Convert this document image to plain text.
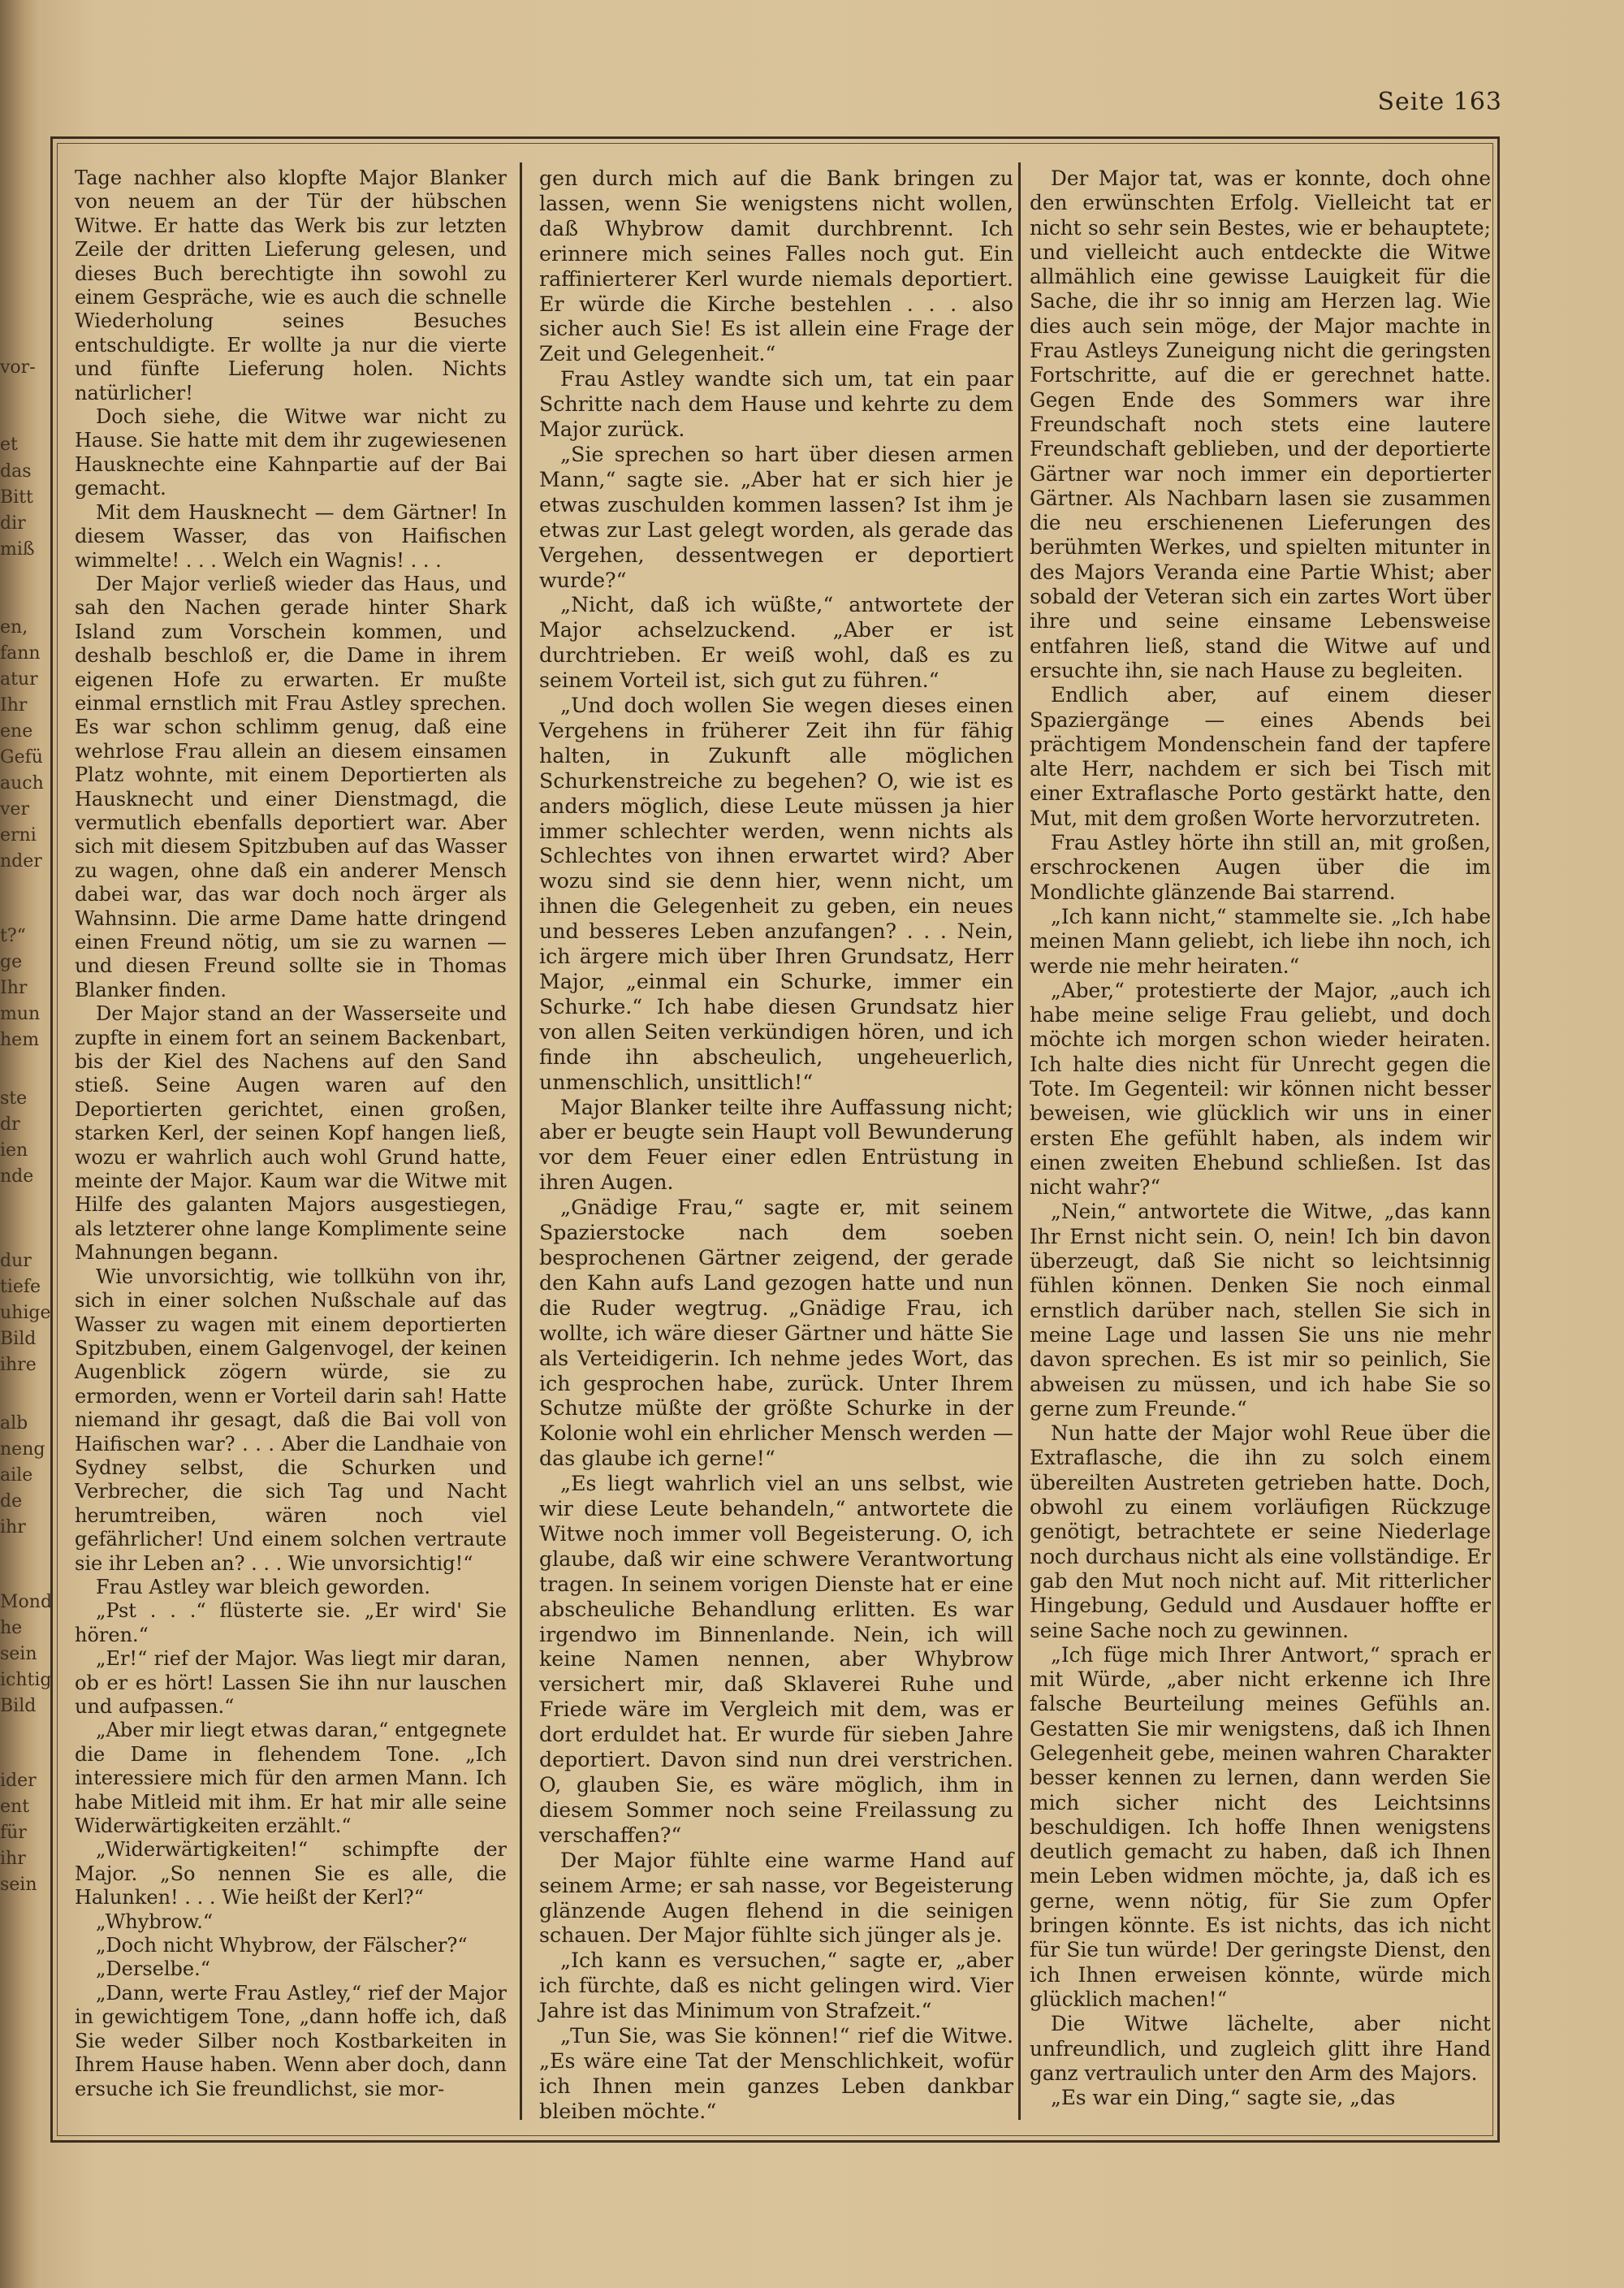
vor-
et
das
Bitt
dir
miß
en,
fann
atur
Ihr
ene
Gefü
auch
ver
erni
nder
t?“
ge
Ihr
mun
hem
ste
dr
ien
nde
dur
tiefe
uhige
Bild
ihre
alb
neng
aile
de
ihr
Mond
he
sein
ichtig
Bild
ider
ent
für
ihr
sein
Seite 163

Tage nachher also klopfte Major Blanker von neuem an der Tür der hübschen Witwe. Er hatte das Werk bis zur letzten Zeile der dritten Lieferung gelesen, und dieses Buch berechtigte ihn sowohl zu einem Gespräche, wie es auch die schnelle Wiederholung seines Besuches entschuldigte. Er wollte ja nur die vierte und fünfte Lieferung holen. Nichts natürlicher!

Doch siehe, die Witwe war nicht zu Hause. Sie hatte mit dem ihr zugewiesenen Hausknechte eine Kahnpartie auf der Bai gemacht.

Mit dem Hausknecht — dem Gärtner! In diesem Wasser, das von Haifischen wimmelte! . . . Welch ein Wagnis! . . .

Der Major verließ wieder das Haus, und sah den Nachen gerade hinter Shark Island zum Vorschein kommen, und deshalb beschloß er, die Dame in ihrem eigenen Hofe zu erwarten. Er mußte einmal ernstlich mit Frau Astley sprechen. Es war schon schlimm genug, daß eine wehrlose Frau allein an diesem einsamen Platz wohnte, mit einem Deportierten als Hausknecht und einer Dienstmagd, die vermutlich ebenfalls deportiert war. Aber sich mit diesem Spitzbuben auf das Wasser zu wagen, ohne daß ein anderer Mensch dabei war, das war doch noch ärger als Wahnsinn. Die arme Dame hatte dringend einen Freund nötig, um sie zu warnen — und diesen Freund sollte sie in Thomas Blanker finden.

Der Major stand an der Wasserseite und zupfte in einem fort an seinem Backenbart, bis der Kiel des Nachens auf den Sand stieß. Seine Augen waren auf den Deportierten gerichtet, einen großen, starken Kerl, der seinen Kopf hangen ließ, wozu er wahrlich auch wohl Grund hatte, meinte der Major. Kaum war die Witwe mit Hilfe des galanten Majors ausgestiegen, als letzterer ohne lange Komplimente seine Mahnungen begann.

Wie unvorsichtig, wie tollkühn von ihr, sich in einer solchen Nußschale auf das Wasser zu wagen mit einem deportierten Spitzbuben, einem Galgenvogel, der keinen Augenblick zögern würde, sie zu ermorden, wenn er Vorteil darin sah! Hatte niemand ihr gesagt, daß die Bai voll von Haifischen war? . . . Aber die Landhaie von Sydney selbst, die Schurken und Verbrecher, die sich Tag und Nacht herumtreiben, wären noch viel gefährlicher! Und einem solchen vertraute sie ihr Leben an? . . . Wie unvorsichtig!“

Frau Astley war bleich geworden.

„Pst . . .“ flüsterte sie. „Er wird' Sie hören.“

„Er!“ rief der Major. Was liegt mir daran, ob er es hört! Lassen Sie ihn nur lauschen und aufpassen.“

„Aber mir liegt etwas daran,“ entgegnete die Dame in flehendem Tone. „Ich interessiere mich für den armen Mann. Ich habe Mitleid mit ihm. Er hat mir alle seine Widerwärtigkeiten erzählt.“

„Widerwärtigkeiten!“ schimpfte der Major. „So nennen Sie es alle, die Halunken! . . . Wie heißt der Kerl?“

„Whybrow.“

„Doch nicht Whybrow, der Fälscher?“

„Derselbe.“

„Dann, werte Frau Astley,“ rief der Major in gewichtigem Tone, „dann hoffe ich, daß Sie weder Silber noch Kostbarkeiten in Ihrem Hause haben. Wenn aber doch, dann ersuche ich Sie freundlichst, sie mor-

gen durch mich auf die Bank bringen zu lassen, wenn Sie wenigstens nicht wollen, daß Whybrow damit durchbrennt. Ich erinnere mich seines Falles noch gut. Ein raffinierterer Kerl wurde niemals deportiert. Er würde die Kirche bestehlen . . . also sicher auch Sie! Es ist allein eine Frage der Zeit und Gelegenheit.“

Frau Astley wandte sich um, tat ein paar Schritte nach dem Hause und kehrte zu dem Major zurück.

„Sie sprechen so hart über diesen armen Mann,“ sagte sie. „Aber hat er sich hier je etwas zuschulden kommen lassen? Ist ihm je etwas zur Last gelegt worden, als gerade das Vergehen, dessentwegen er deportiert wurde?“

„Nicht, daß ich wüßte,“ antwortete der Major achselzuckend. „Aber er ist durchtrieben. Er weiß wohl, daß es zu seinem Vorteil ist, sich gut zu führen.“

„Und doch wollen Sie wegen dieses einen Vergehens in früherer Zeit ihn für fähig halten, in Zukunft alle möglichen Schurkenstreiche zu begehen? O, wie ist es anders möglich, diese Leute müssen ja hier immer schlechter werden, wenn nichts als Schlechtes von ihnen erwartet wird? Aber wozu sind sie denn hier, wenn nicht, um ihnen die Gelegenheit zu geben, ein neues und besseres Leben anzufangen? . . . Nein, ich ärgere mich über Ihren Grundsatz, Herr Major, „einmal ein Schurke, immer ein Schurke.“ Ich habe diesen Grundsatz hier von allen Seiten verkündigen hören, und ich finde ihn abscheulich, ungeheuerlich, unmenschlich, unsittlich!“

Major Blanker teilte ihre Auffassung nicht; aber er beugte sein Haupt voll Bewunderung vor dem Feuer einer edlen Entrüstung in ihren Augen.

„Gnädige Frau,“ sagte er, mit seinem Spazierstocke nach dem soeben besprochenen Gärtner zeigend, der gerade den Kahn aufs Land gezogen hatte und nun die Ruder wegtrug. „Gnädige Frau, ich wollte, ich wäre dieser Gärtner und hätte Sie als Verteidigerin. Ich nehme jedes Wort, das ich gesprochen habe, zurück. Unter Ihrem Schutze müßte der größte Schurke in der Kolonie wohl ein ehrlicher Mensch werden — das glaube ich gerne!“

„Es liegt wahrlich viel an uns selbst, wie wir diese Leute behandeln,“ antwortete die Witwe noch immer voll Begeisterung. O, ich glaube, daß wir eine schwere Verantwortung tragen. In seinem vorigen Dienste hat er eine abscheuliche Behandlung erlitten. Es war irgendwo im Binnenlande. Nein, ich will keine Namen nennen, aber Whybrow versichert mir, daß Sklaverei Ruhe und Friede wäre im Vergleich mit dem, was er dort erduldet hat. Er wurde für sieben Jahre deportiert. Davon sind nun drei verstrichen. O, glauben Sie, es wäre möglich, ihm in diesem Sommer noch seine Freilassung zu verschaffen?“

Der Major fühlte eine warme Hand auf seinem Arme; er sah nasse, vor Begeisterung glänzende Augen flehend in die seinigen schauen. Der Major fühlte sich jünger als je.

„Ich kann es versuchen,“ sagte er, „aber ich fürchte, daß es nicht gelingen wird. Vier Jahre ist das Minimum von Strafzeit.“

„Tun Sie, was Sie können!“ rief die Witwe. „Es wäre eine Tat der Menschlichkeit, wofür ich Ihnen mein ganzes Leben dankbar bleiben möchte.“

Der Major tat, was er konnte, doch ohne den erwünschten Erfolg. Vielleicht tat er nicht so sehr sein Bestes, wie er behauptete; und vielleicht auch entdeckte die Witwe allmählich eine gewisse Lauigkeit für die Sache, die ihr so innig am Herzen lag. Wie dies auch sein möge, der Major machte in Frau Astleys Zuneigung nicht die geringsten Fortschritte, auf die er gerechnet hatte. Gegen Ende des Sommers war ihre Freundschaft noch stets eine lautere Freundschaft geblieben, und der deportierte Gärtner war noch immer ein deportierter Gärtner. Als Nachbarn lasen sie zusammen die neu erschienenen Lieferungen des berühmten Werkes, und spielten mitunter in des Majors Veranda eine Partie Whist; aber sobald der Veteran sich ein zartes Wort über ihre und seine einsame Lebensweise entfahren ließ, stand die Witwe auf und ersuchte ihn, sie nach Hause zu begleiten.

Endlich aber, auf einem dieser Spaziergänge — eines Abends bei prächtigem Mondenschein fand der tapfere alte Herr, nachdem er sich bei Tisch mit einer Extraflasche Porto gestärkt hatte, den Mut, mit dem großen Worte hervorzutreten.

Frau Astley hörte ihn still an, mit großen, erschrockenen Augen über die im Mondlichte glänzende Bai starrend.

„Ich kann nicht,“ stammelte sie. „Ich habe meinen Mann geliebt, ich liebe ihn noch, ich werde nie mehr heiraten.“

„Aber,“ protestierte der Major, „auch ich habe meine selige Frau geliebt, und doch möchte ich morgen schon wieder heiraten. Ich halte dies nicht für Unrecht gegen die Tote. Im Gegenteil: wir können nicht besser beweisen, wie glücklich wir uns in einer ersten Ehe gefühlt haben, als indem wir einen zweiten Ehebund schließen. Ist das nicht wahr?“

„Nein,“ antwortete die Witwe, „das kann Ihr Ernst nicht sein. O, nein! Ich bin davon überzeugt, daß Sie nicht so leichtsinnig fühlen können. Denken Sie noch einmal ernstlich darüber nach, stellen Sie sich in meine Lage und lassen Sie uns nie mehr davon sprechen. Es ist mir so peinlich, Sie abweisen zu müssen, und ich habe Sie so gerne zum Freunde.“

Nun hatte der Major wohl Reue über die Extraflasche, die ihn zu solch einem übereilten Austreten getrieben hatte. Doch, obwohl zu einem vorläufigen Rückzuge genötigt, betrachtete er seine Niederlage noch durchaus nicht als eine vollständige. Er gab den Mut noch nicht auf. Mit ritterlicher Hingebung, Geduld und Ausdauer hoffte er seine Sache noch zu gewinnen.

„Ich füge mich Ihrer Antwort,“ sprach er mit Würde, „aber nicht erkenne ich Ihre falsche Beurteilung meines Gefühls an. Gestatten Sie mir wenigstens, daß ich Ihnen Gelegenheit gebe, meinen wahren Charakter besser kennen zu lernen, dann werden Sie mich sicher nicht des Leichtsinns beschuldigen. Ich hoffe Ihnen wenigstens deutlich gemacht zu haben, daß ich Ihnen mein Leben widmen möchte, ja, daß ich es gerne, wenn nötig, für Sie zum Opfer bringen könnte. Es ist nichts, das ich nicht für Sie tun würde! Der geringste Dienst, den ich Ihnen erweisen könnte, würde mich glücklich machen!“

Die Witwe lächelte, aber nicht unfreundlich, und zugleich glitt ihre Hand ganz vertraulich unter den Arm des Majors.

„Es war ein Ding,“ sagte sie, „das
